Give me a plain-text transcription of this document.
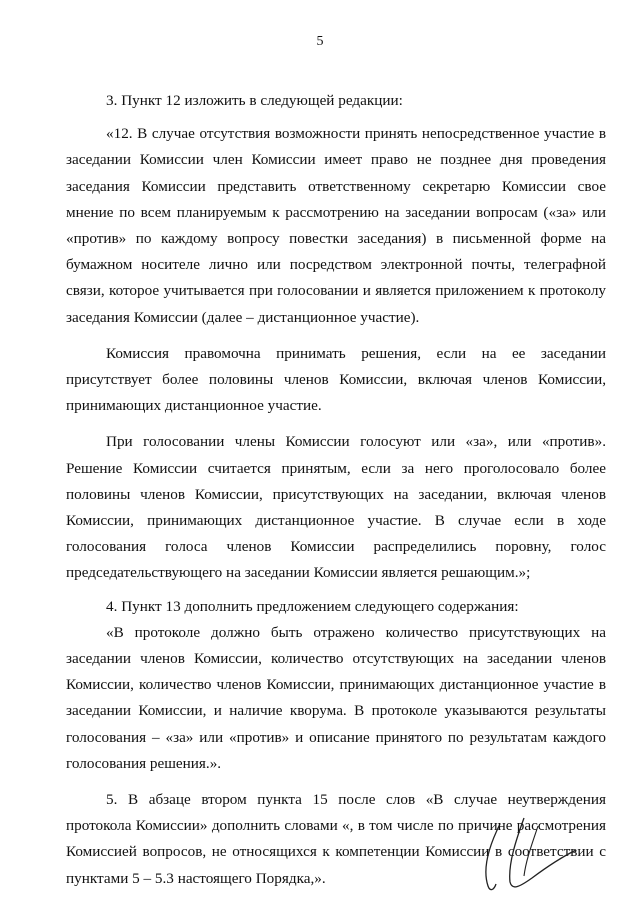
5

3. Пункт 12 изложить в следующей редакции:

«12. В случае отсутствия возможности принять непосредственное участие в заседании Комиссии член Комиссии имеет право не позднее дня проведения заседания Комиссии представить ответственному секретарю Комиссии свое мнение по всем планируемым к рассмотрению на заседании вопросам («за» или «против» по каждому вопросу повестки заседания) в письменной форме на бумажном носителе лично или посредством электронной почты, телеграфной связи, которое учитывается при голосовании и является приложением к протоколу заседания Комиссии (далее – дистанционное участие).

Комиссия правомочна принимать решения, если на ее заседании присутствует более половины членов Комиссии, включая членов Комиссии, принимающих дистанционное участие.

При голосовании члены Комиссии голосуют или «за», или «против». Решение Комиссии считается принятым, если за него проголосовало более половины членов Комиссии, присутствующих на заседании, включая членов Комиссии, принимающих дистанционное участие. В случае если в ходе голосования голоса членов Комиссии распределились поровну, голос председательствующего на заседании Комиссии является решающим.»;

4. Пункт 13 дополнить предложением следующего содержания:

«В протоколе должно быть отражено количество присутствующих на заседании членов Комиссии, количество отсутствующих на заседании членов Комиссии, количество членов Комиссии, принимающих дистанционное участие в заседании Комиссии, и наличие кворума. В протоколе указываются результаты голосования – «за» или «против» и описание принятого по результатам каждого голосования решения.».

5. В абзаце втором пункта 15 после слов «В случае неутверждения протокола Комиссии» дополнить словами «, в том числе по причине рассмотрения Комиссией вопросов, не относящихся к компетенции Комиссии в соответствии с пунктами 5 – 5.3 настоящего Порядка,».
